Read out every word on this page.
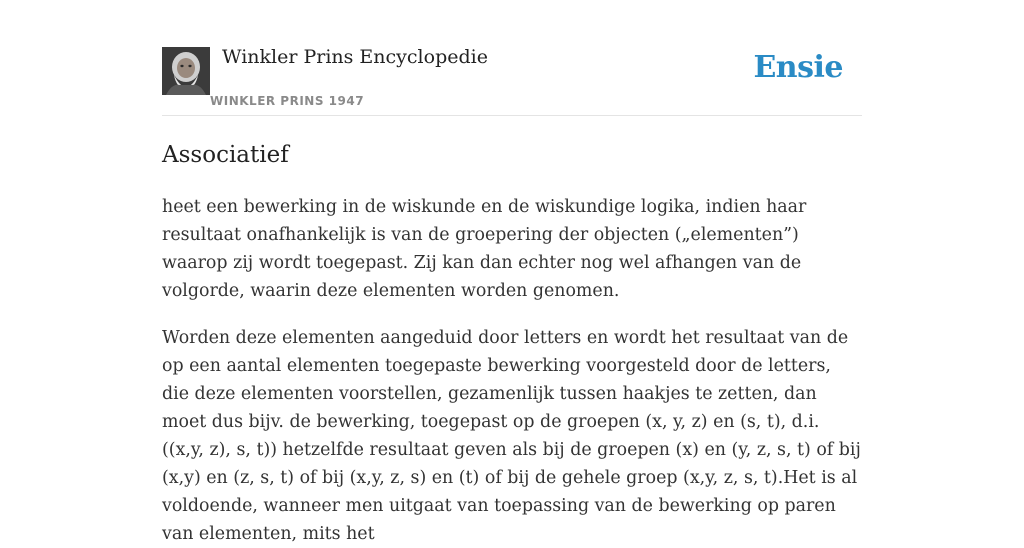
Winkler Prins Encyclopedie
WINKLER PRINS 1947
Ensie
Associatief

heet een bewerking in de wiskunde en de wiskundige logika, indien haar resultaat onafhankelijk is van de groepering der objecten („elementen”) waarop zij wordt toegepast. Zij kan dan echter nog wel afhangen van de volgorde, waarin deze elementen worden genomen.

Worden deze elementen aangeduid door letters en wordt het resultaat van de op een aantal elementen toegepaste bewerking voorgesteld door de letters, die deze elementen voorstellen, gezamenlijk tussen haakjes te zetten, dan moet dus bijv. de bewerking, toegepast op de groepen (x, y, z) en (s, t), d.i. ((x,y, z), s, t)) hetzelfde resultaat geven als bij de groepen (x) en (y, z, s, t) of bij (x,y) en (z, s, t) of bij (x,y, z, s) en (t) of bij de gehele groep (x,y, z, s, t).Het is al voldoende, wanneer men uitgaat van toepassing van de bewerking op paren van elementen, mits het
